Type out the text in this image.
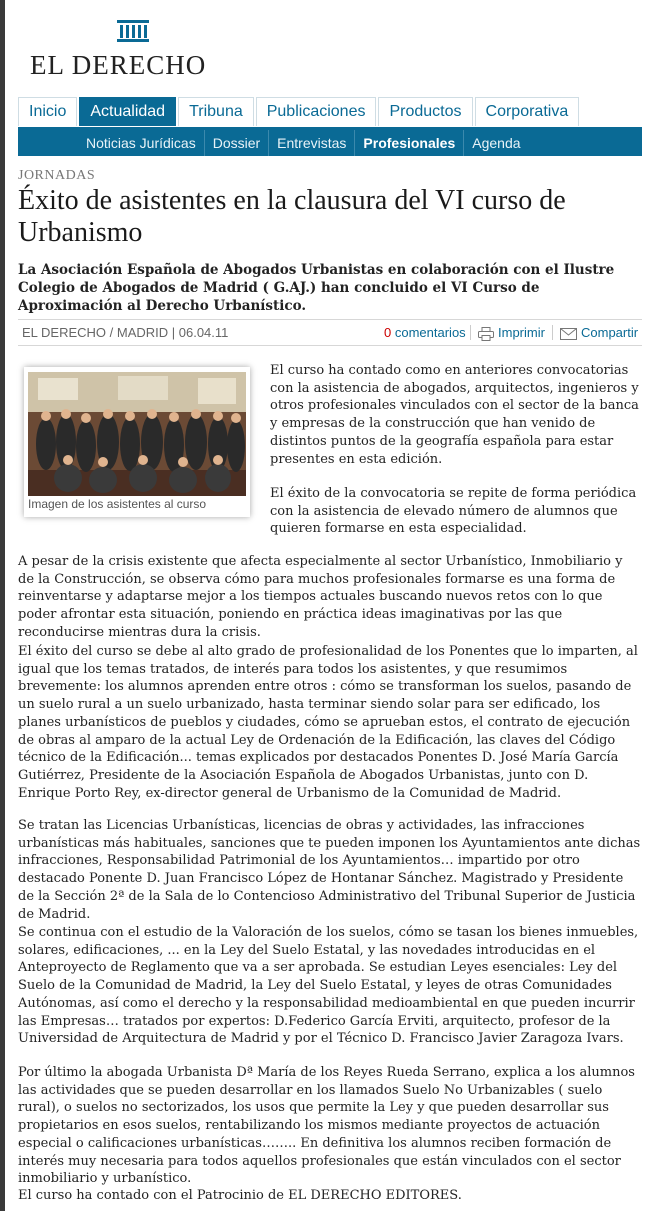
EL DERECHO
Inicio	Actualidad	Tribuna	Publicaciones	Productos	Corporativa
Noticias Jurídicas	Dossier	Entrevistas	Profesionales	Agenda
JORNADAS
Éxito de asistentes en la clausura del VI curso de Urbanismo
La Asociación Española de Abogados Urbanistas en colaboración con el Ilustre Colegio de Abogados de Madrid ( G.AJ.) han concluido el VI Curso de Aproximación al Derecho Urbanístico.
EL DERECHO / MADRID | 06.04.11	0 comentarios	Imprimir	Compartir
Imagen de los asistentes al curso

El curso ha contado como en anteriores convocatorias con la asistencia de abogados, arquitectos, ingenieros y otros profesionales vinculados con el sector de la banca y empresas de la construcción que han venido de distintos puntos de la geografía española para estar presentes en esta edición.

El éxito de la convocatoria se repite de forma periódica con la asistencia de elevado número de alumnos que quieren formarse en esta especialidad.

A pesar de la crisis existente que afecta especialmente al sector Urbanístico, Inmobiliario y de la Construcción, se observa cómo para muchos profesionales formarse es una forma de reinventarse y adaptarse mejor a los tiempos actuales buscando nuevos retos con lo que poder afrontar esta situación, poniendo en práctica ideas imaginativas por las que reconducirse mientras dura la crisis.

El éxito del curso se debe al alto grado de profesionalidad de los Ponentes que lo imparten, al igual que los temas tratados, de interés para todos los asistentes, y que resumimos brevemente: los alumnos aprenden entre otros : cómo se transforman los suelos, pasando de un suelo rural a un suelo urbanizado, hasta terminar siendo solar para ser edificado, los planes urbanísticos de pueblos y ciudades, cómo se aprueban estos, el contrato de ejecución de obras al amparo de la actual Ley de Ordenación de la Edificación, las claves del Código técnico de la Edificación... temas explicados por destacados Ponentes D. José María García Gutiérrez, Presidente de la Asociación Española de Abogados Urbanistas, junto con D. Enrique Porto Rey, ex-director general de Urbanismo de la Comunidad de Madrid.

Se tratan las Licencias Urbanísticas, licencias de obras y actividades, las infracciones urbanísticas más habituales, sanciones que te pueden imponen los Ayuntamientos ante dichas infracciones, Responsabilidad Patrimonial de los Ayuntamientos… impartido por otro destacado Ponente D. Juan Francisco López de Hontanar Sánchez. Magistrado y Presidente de la Sección 2ª de la Sala de lo Contencioso Administrativo del Tribunal Superior de Justicia de Madrid.

Se continua con el estudio de la Valoración de los suelos, cómo se tasan los bienes inmuebles, solares, edificaciones, ... en la Ley del Suelo Estatal, y las novedades introducidas en el Anteproyecto de Reglamento que va a ser aprobada. Se estudian Leyes esenciales: Ley del Suelo de la Comunidad de Madrid, la Ley del Suelo Estatal, y leyes de otras Comunidades Autónomas, así como el derecho y la responsabilidad medioambiental en que pueden incurrir las Empresas… tratados por expertos: D.Federico García Erviti, arquitecto, profesor de la Universidad de Arquitectura de Madrid y por el Técnico D. Francisco Javier Zaragoza Ivars.

Por último la abogada Urbanista Dª María de los Reyes Rueda Serrano, explica a los alumnos las actividades que se pueden desarrollar en los llamados Suelo No Urbanizables ( suelo rural), o suelos no sectorizados, los usos que permite la Ley y que pueden desarrollar sus propietarios en esos suelos, rentabilizando los mismos mediante proyectos de actuación especial o calificaciones urbanísticas…….. En definitiva los alumnos reciben formación de interés muy necesaria para todos aquellos profesionales que están vinculados con el sector inmobiliario y urbanístico.

El curso ha contado con el Patrocinio de EL DERECHO EDITORES.
